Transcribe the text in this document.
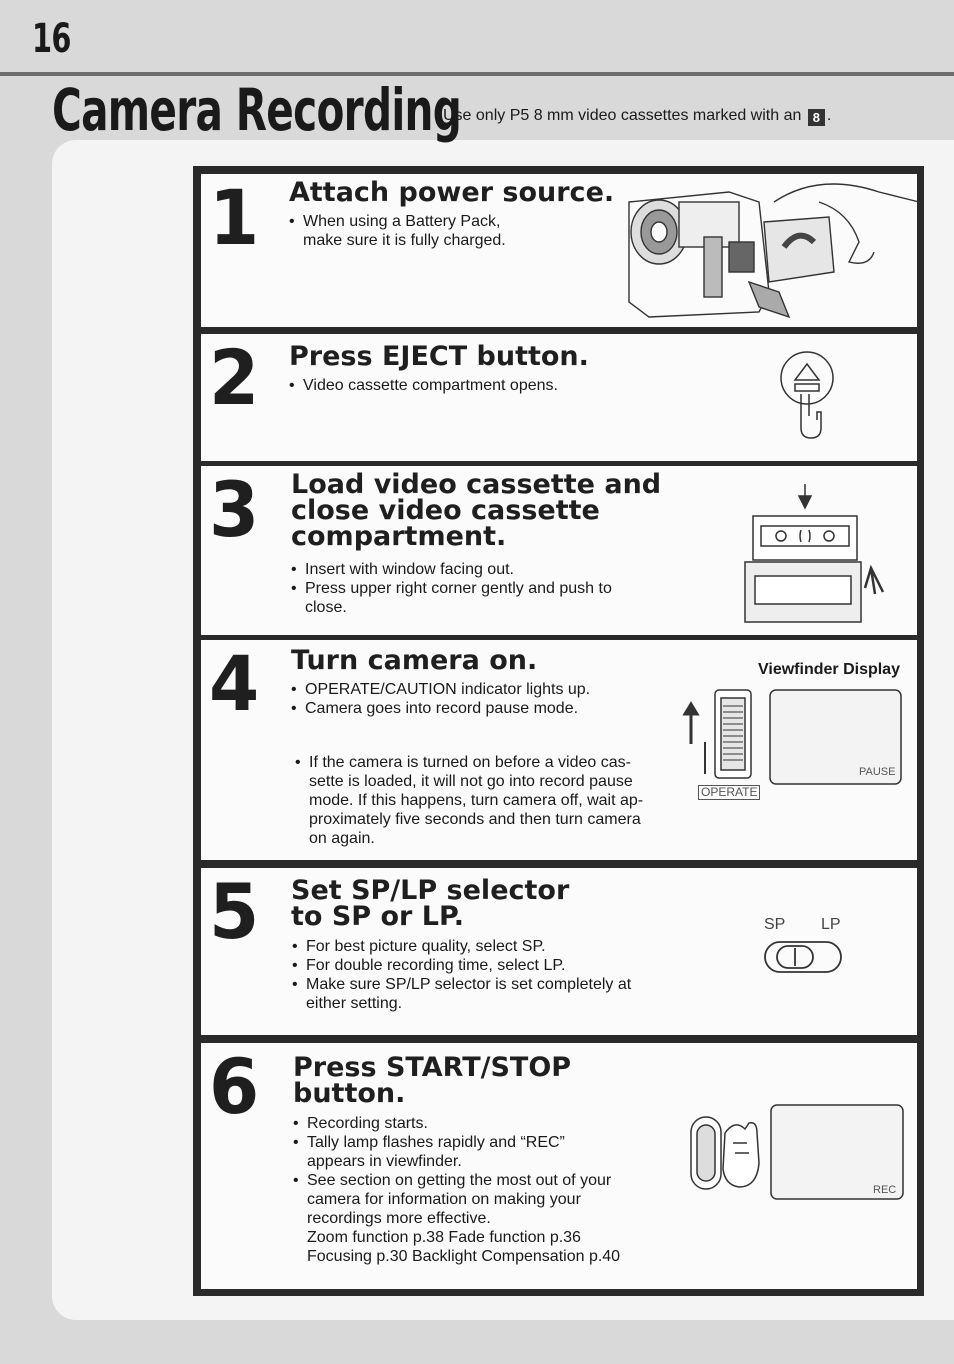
16
Camera Recording
Use only P5 8 mm video cassettes marked with an 8 .
1	Attach power source.
• When using a Battery Pack,
make sure it is fully charged.
2	Press EJECT button.
• Video cassette compartment opens.
3	Load video cassette and
close video cassette
compartment.
• Insert with window facing out.
• Press upper right corner gently and push to
close.
4	Turn camera on.
• OPERATE/CAUTION indicator lights up.
• Camera goes into record pause mode.
• If the camera is turned on before a video cas-
sette is loaded, it will not go into record pause
mode. If this happens, turn camera off, wait ap-
proximately five seconds and then turn camera
on again.
Viewfinder Display
PAUSE
OPERATE
5	Set SP/LP selector
to SP or LP.
• For best picture quality, select SP.
• For double recording time, select LP.
• Make sure SP/LP selector is set completely at
either setting.
SP LP
6	Press START/STOP
button.
• Recording starts.
• Tally lamp flashes rapidly and “REC”
appears in viewfinder.
• See section on getting the most out of your
camera for information on making your
recordings more effective.
Zoom function p.38 Fade function p.36
Focusing p.30 Backlight Compensation p.40
REC
